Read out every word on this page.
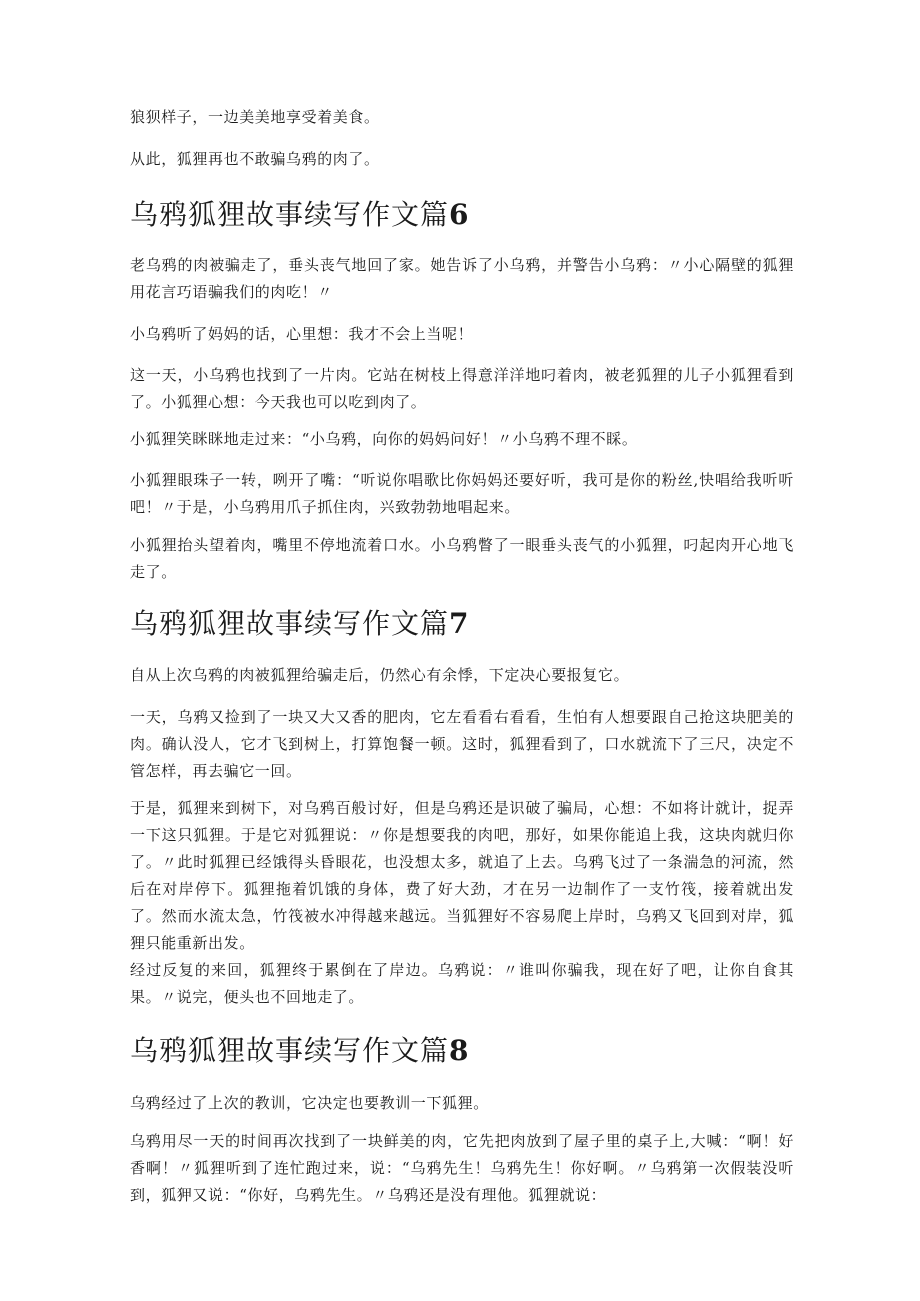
狼狈样子，一边美美地享受着美食。

从此，狐狸再也不敢骗乌鸦的肉了。

乌鸦狐狸故事续写作文篇6

老乌鸦的肉被骗走了，垂头丧气地回了家。她告诉了小乌鸦，并警告小乌鸦：〃小心隔壁的狐狸用花言巧语骗我们的肉吃！〃

小乌鸦听了妈妈的话，心里想：我才不会上当呢！

这一天，小乌鸦也找到了一片肉。它站在树枝上得意洋洋地叼着肉，被老狐狸的儿子小狐狸看到了。小狐狸心想：今天我也可以吃到肉了。

小狐狸笑眯眯地走过来：“小乌鸦，向你的妈妈问好！〃小乌鸦不理不睬。

小狐狸眼珠子一转，咧开了嘴：“听说你唱歌比你妈妈还要好听，我可是你的粉丝,快唱给我听听吧！〃于是，小乌鸦用爪子抓住肉，兴致勃勃地唱起来。

小狐狸抬头望着肉，嘴里不停地流着口水。小乌鸦瞥了一眼垂头丧气的小狐狸，叼起肉开心地飞走了。

乌鸦狐狸故事续写作文篇7

自从上次乌鸦的肉被狐狸给骗走后，仍然心有余悸，下定决心要报复它。

一天，乌鸦又捡到了一块又大又香的肥肉，它左看看右看看，生怕有人想要跟自己抢这块肥美的肉。确认没人，它才飞到树上，打算饱餐一顿。这时，狐狸看到了，口水就流下了三尺，决定不管怎样，再去骗它一回。

于是，狐狸来到树下，对乌鸦百般讨好，但是乌鸦还是识破了骗局，心想：不如将计就计，捉弄一下这只狐狸。于是它对狐狸说：〃你是想要我的肉吧，那好，如果你能追上我，这块肉就归你了。〃此时狐狸已经饿得头昏眼花，也没想太多，就追了上去。乌鸦飞过了一条湍急的河流，然后在对岸停下。狐狸拖着饥饿的身体，费了好大劲，才在另一边制作了一支竹筏，接着就出发了。然而水流太急，竹筏被水冲得越来越远。当狐狸好不容易爬上岸时，乌鸦又飞回到对岸，狐狸只能重新出发。

经过反复的来回，狐狸终于累倒在了岸边。乌鸦说：〃谁叫你骗我，现在好了吧，让你自食其果。〃说完，便头也不回地走了。

乌鸦狐狸故事续写作文篇8

乌鸦经过了上次的教训，它决定也要教训一下狐狸。

乌鸦用尽一天的时间再次找到了一块鲜美的肉，它先把肉放到了屋子里的桌子上,大喊：“啊！好香啊！〃狐狸听到了连忙跑过来，说：“乌鸦先生！乌鸦先生！你好啊。〃乌鸦第一次假装没听到，狐狎又说：“你好，乌鸦先生。〃乌鸦还是没有理他。狐狸就说：
